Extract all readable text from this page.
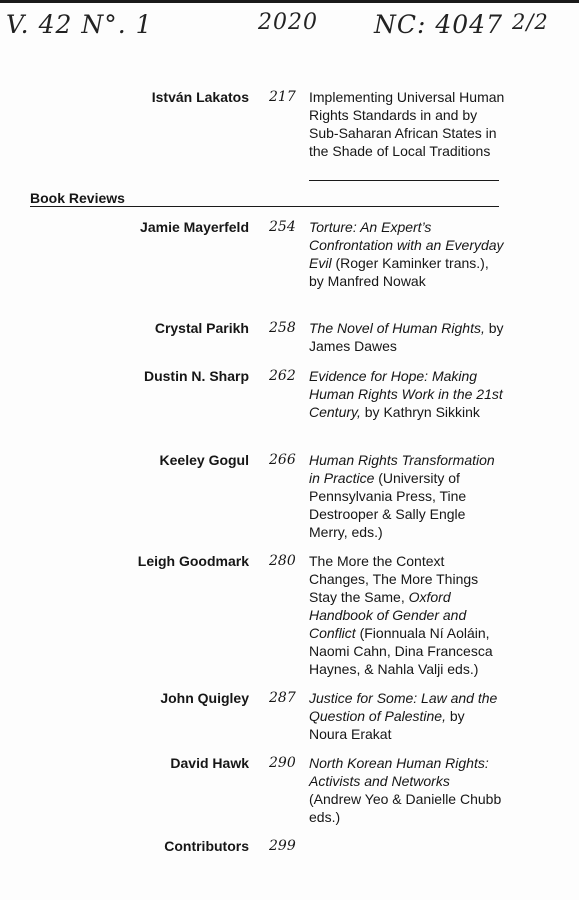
V. 42 N°. 1	2020 NC: 4047 2/2
István Lakatos 217 Implementing Universal Human Rights Standards in and by Sub-Saharan African States in the Shade of Local Traditions
Book Reviews
Jamie Mayerfeld 254 Torture: An Expert’s Confrontation with an Everyday Evil (Roger Kaminker trans.), by Manfred Nowak
Crystal Parikh 258 The Novel of Human Rights, by James Dawes
Dustin N. Sharp 262 Evidence for Hope: Making Human Rights Work in the 21st Century, by Kathryn Sikkink
Keeley Gogul 266 Human Rights Transformation in Practice (University of Pennsylvania Press, Tine Destrooper & Sally Engle Merry, eds.)
Leigh Goodmark 280 The More the Context Changes, The More Things Stay the Same, Oxford Handbook of Gender and Conflict (Fionnuala Ní Aoláin, Naomi Cahn, Dina Francesca Haynes, & Nahla Valji eds.)
John Quigley 287 Justice for Some: Law and the Question of Palestine, by Noura Erakat
David Hawk 290 North Korean Human Rights: Activists and Networks (Andrew Yeo & Danielle Chubb eds.)
Contributors 299
